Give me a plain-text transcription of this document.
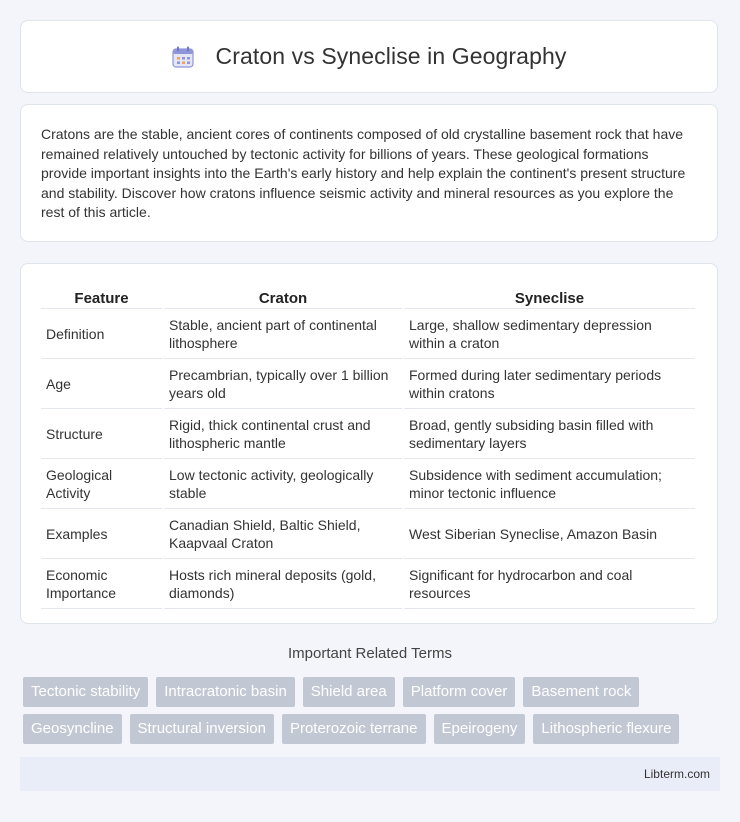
Craton vs Syneclise in Geography

Cratons are the stable, ancient cores of continents composed of old crystalline basement rock that have remained relatively untouched by tectonic activity for billions of years. These geological formations provide important insights into the Earth's early history and help explain the continent's present structure and stability. Discover how cratons influence seismic activity and mineral resources as you explore the rest of this article.

Feature	Craton	Syneclise
Definition	Stable, ancient part of continental lithosphere	Large, shallow sedimentary depression within a craton
Age	Precambrian, typically over 1 billion years old	Formed during later sedimentary periods within cratons
Structure	Rigid, thick continental crust and lithospheric mantle	Broad, gently subsiding basin filled with sedimentary layers
Geological Activity	Low tectonic activity, geologically stable	Subsidence with sediment accumulation; minor tectonic influence
Examples	Canadian Shield, Baltic Shield, Kaapvaal Craton	West Siberian Syneclise, Amazon Basin
Economic Importance	Hosts rich mineral deposits (gold, diamonds)	Significant for hydrocarbon and coal resources
Important Related Terms
Tectonic stability	Intracratonic basin	Shield area	Platform cover	Basement rock
Geosyncline	Structural inversion	Proterozoic terrane	Epeirogeny	Lithospheric flexure
Libterm.com
